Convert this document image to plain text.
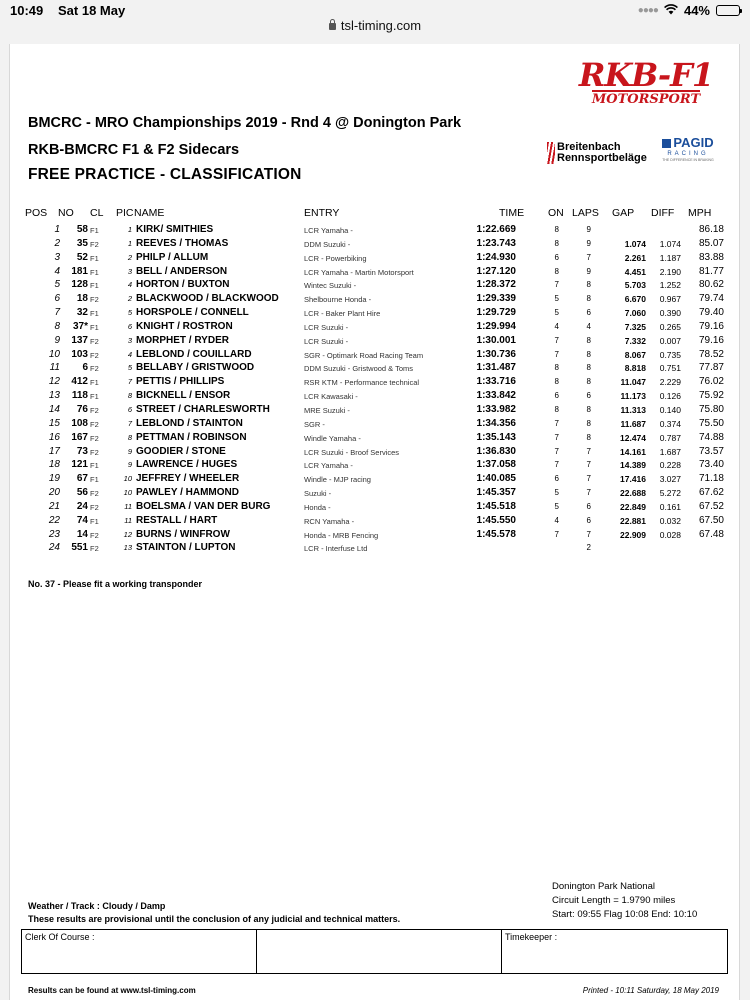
10:49 Sat 18 May	●●●● 44%
tsl-timing.com
RKB-F1
MOTORSPORT
Breitenbach
Rennsportbeläge
PAGID
RACING
THE DIFFERENCE IN BRAKING
BMCRC - MRO Championships 2019 - Rnd 4 @ Donington Park
RKB-BMCRC F1 & F2 Sidecars
FREE PRACTICE - CLASSIFICATION
POS NO CL PIC NAME	ENTRY	TIME ON LAPS GAP DIFF MPH
1 58 F1	1 KIRK/ SMITHIES	LCR Yamaha -	1:22.669	8	9	86.18
2 35 F2	1 REEVES / THOMAS	DDM Suzuki -	1:23.743	8	9	1.074 1.074 85.07
3 52 F1	2 PHILP / ALLUM	LCR - Powerbiking	1:24.930	6	7	2.261 1.187 83.88
4 181 F1	3 BELL / ANDERSON	LCR Yamaha - Martin Motorsport	1:27.120	8	9	4.451 2.190 81.77
5 128 F1	4 HORTON / BUXTON	Wintec Suzuki -	1:28.372	7	8	5.703 1.252 80.62
6 18 F2	2 BLACKWOOD / BLACKWOOD	Shelbourne Honda -	1:29.339	5	8	6.670 0.967 79.74
7 32 F1	5 HORSPOLE / CONNELL	LCR - Baker Plant Hire	1:29.729	5	6	7.060 0.390 79.40
8 37* F1	6 KNIGHT / ROSTRON	LCR Suzuki -	1:29.994	4	4	7.325 0.265 79.16
9 137 F2	3 MORPHET / RYDER	LCR Suzuki -	1:30.001	7	8	7.332 0.007 79.16
10 103 F2	4 LEBLOND / COUILLARD	SGR - Optimark Road Racing Team	1:30.736	7	8	8.067 0.735 78.52
11 6 F2	5 BELLABY / GRISTWOOD	DDM Suzuki - Gristwood & Toms	1:31.487	8	8	8.818 0.751 77.87
12 412 F1	7 PETTIS / PHILLIPS	RSR KTM - Performance technical	1:33.716	8	8	11.047 2.229 76.02
13 118 F1	8 BICKNELL / ENSOR	LCR Kawasaki -	1:33.842	6	6	11.173 0.126 75.92
14 76 F2	6 STREET / CHARLESWORTH	MRE Suzuki -	1:33.982	8	8	11.313 0.140 75.80
15 108 F2	7 LEBLOND / STAINTON	SGR -	1:34.356	7	8	11.687 0.374 75.50
16 167 F2	8 PETTMAN / ROBINSON	Windle Yamaha -	1:35.143	7	8	12.474 0.787 74.88
17 73 F2	9 GOODIER / STONE	LCR Suzuki - Broof Services	1:36.830	7	7	14.161 1.687 73.57
18 121 F1	9 LAWRENCE / HUGES	LCR Yamaha -	1:37.058	7	7	14.389 0.228 73.40
19 67 F1	10 JEFFREY / WHEELER	Windle - MJP racing	1:40.085	6	7	17.416 3.027 71.18
20 56 F2	10 PAWLEY / HAMMOND	Suzuki -	1:45.357	5	7	22.688 5.272 67.62
21 24 F2	11 BOELSMA / VAN DER BURG	Honda -	1:45.518	5	6	22.849 0.161 67.52
22 74 F1	11 RESTALL / HART	RCN Yamaha -	1:45.550	4	6	22.881 0.032 67.50
23 14 F2	12 BURNS / WINFROW	Honda - MRB Fencing	1:45.578	7	7	22.909 0.028 67.48
24 551 F2	13 STAINTON / LUPTON	LCR - Interfuse Ltd	2
No. 37 - Please fit a working transponder
Donington Park National
Circuit Length = 1.9790 miles
Start: 09:55 Flag 10:08 End: 10:10
Weather / Track : Cloudy / Damp
These results are provisional until the conclusion of any judicial and technical matters.
Clerk Of Course :	Timekeeper :
Results can be found at www.tsl-timing.com	Printed - 10:11 Saturday, 18 May 2019
